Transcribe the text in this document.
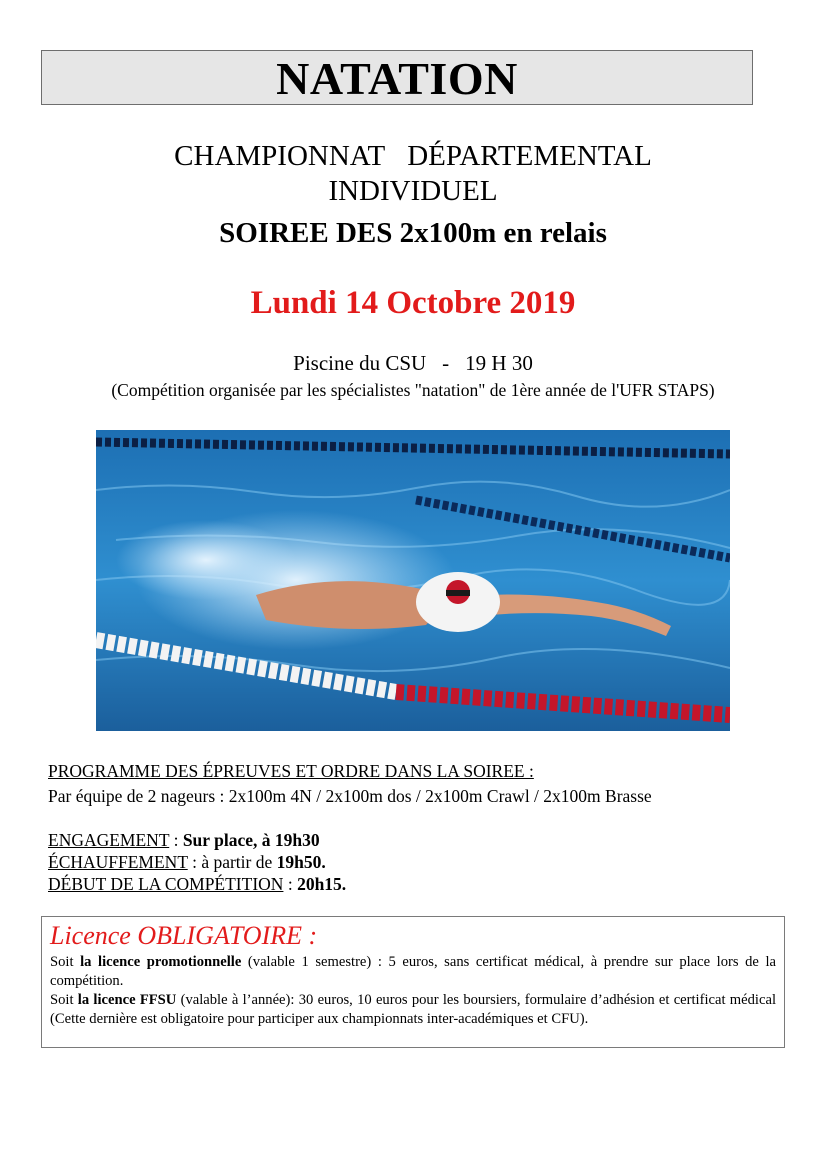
NATATION
CHAMPIONNAT DÉPARTEMENTAL
INDIVIDUEL
SOIREE DES 2x100m en relais
Lundi 14 Octobre 2019
Piscine du CSU - 19 H 30
(Compétition organisée par les spécialistes "natation" de 1ère année de l'UFR STAPS)
PROGRAMME DES ÉPREUVES ET ORDRE DANS LA SOIREE :
Par équipe de 2 nageurs : 2x100m 4N / 2x100m dos / 2x100m Crawl / 2x100m Brasse
ENGAGEMENT : Sur place, à 19h30
ÉCHAUFFEMENT : à partir de 19h50.
DÉBUT DE LA COMPÉTITION : 20h15.
Licence OBLIGATOIRE :

Soit la licence promotionnelle (valable 1 semestre) : 5 euros, sans certificat médical, à prendre sur place lors de la compétition.

Soit la licence FFSU (valable à l’année): 30 euros, 10 euros pour les boursiers, formulaire d’adhésion et certificat médical (Cette dernière est obligatoire pour participer aux championnats inter-académiques et CFU).
